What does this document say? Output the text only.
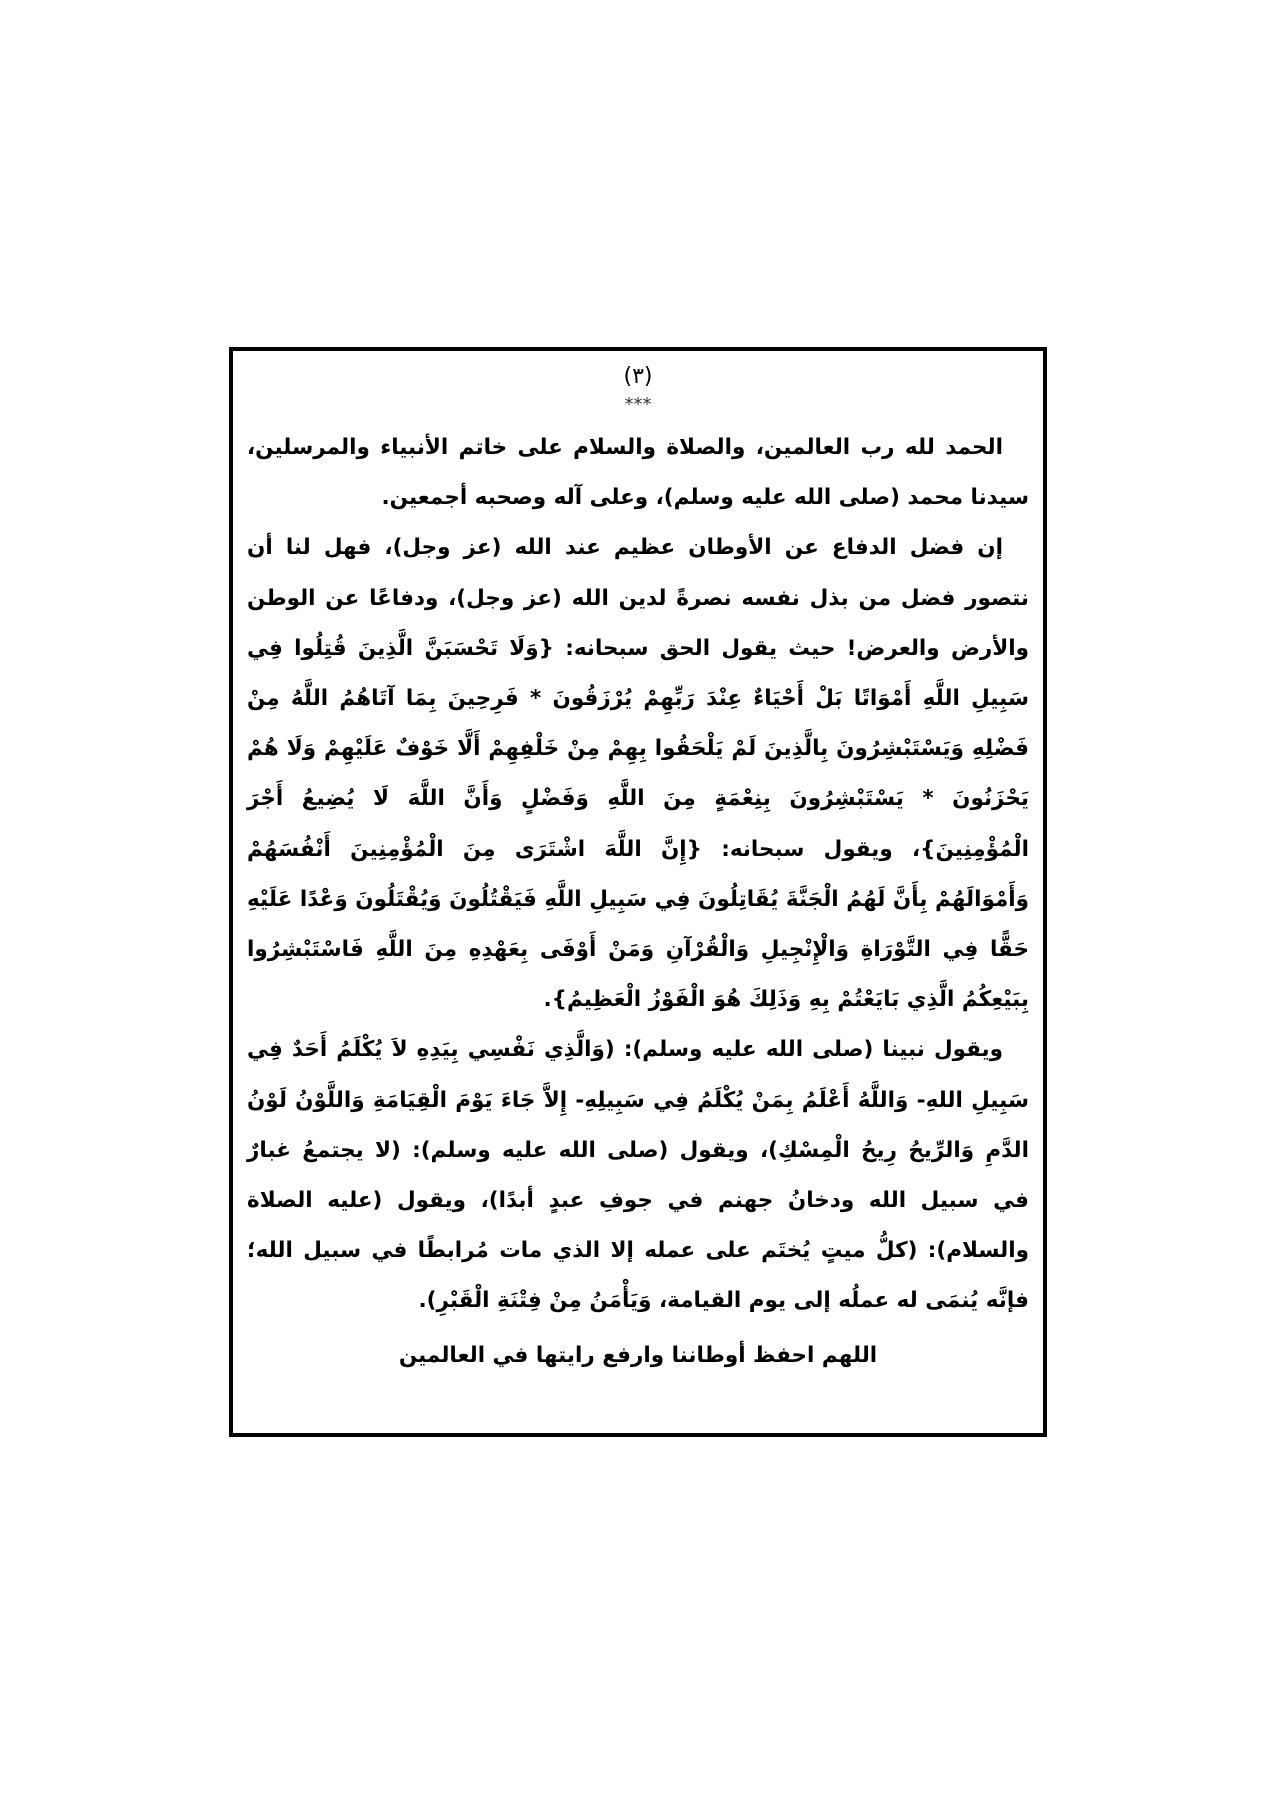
(٣)
***

الحمد لله رب العالمين، والصلاة والسلام على خاتم الأنبياء والمرسلين، سيدنا محمد (صلى الله عليه وسلم)، وعلى آله وصحبه أجمعين.

إن فضل الدفاع عن الأوطان عظيم عند الله (عز وجل)، فهل لنا أن نتصور فضل من بذل نفسه نصرةً لدين الله (عز وجل)، ودفاعًا عن الوطن والأرض والعرض! حيث يقول الحق سبحانه: {وَلَا تَحْسَبَنَّ الَّذِينَ قُتِلُوا فِي سَبِيلِ اللَّهِ أَمْوَاتًا بَلْ أَحْيَاءٌ عِنْدَ رَبِّهِمْ يُرْزَقُونَ * فَرِحِينَ بِمَا آتَاهُمُ اللَّهُ مِنْ فَضْلِهِ وَيَسْتَبْشِرُونَ بِالَّذِينَ لَمْ يَلْحَقُوا بِهِمْ مِنْ خَلْفِهِمْ أَلَّا خَوْفٌ عَلَيْهِمْ وَلَا هُمْ يَحْزَنُونَ * يَسْتَبْشِرُونَ بِنِعْمَةٍ مِنَ اللَّهِ وَفَضْلٍ وَأَنَّ اللَّهَ لَا يُضِيعُ أَجْرَ الْمُؤْمِنِينَ}، ويقول سبحانه: {إِنَّ اللَّهَ اشْتَرَى مِنَ الْمُؤْمِنِينَ أَنْفُسَهُمْ وَأَمْوَالَهُمْ بِأَنَّ لَهُمُ الْجَنَّةَ يُقَاتِلُونَ فِي سَبِيلِ اللَّهِ فَيَقْتُلُونَ وَيُقْتَلُونَ وَعْدًا عَلَيْهِ حَقًّا فِي التَّوْرَاةِ وَالْإِنْجِيلِ وَالْقُرْآنِ وَمَنْ أَوْفَى بِعَهْدِهِ مِنَ اللَّهِ فَاسْتَبْشِرُوا بِبَيْعِكُمُ الَّذِي بَايَعْتُمْ بِهِ وَذَلِكَ هُوَ الْفَوْزُ الْعَظِيمُ}.

ويقول نبينا (صلى الله عليه وسلم): (وَالَّذِي نَفْسِي بِيَدِهِ لاَ يُكْلَمُ أَحَدٌ فِي سَبِيلِ اللهِ- وَاللَّهُ أَعْلَمُ بِمَنْ يُكْلَمُ فِي سَبِيلِهِ- إِلاَّ جَاءَ يَوْمَ الْقِيَامَةِ وَاللَّوْنُ لَوْنُ الدَّمِ وَالرِّيحُ رِيحُ الْمِسْكِ)، ويقول (صلى الله عليه وسلم): (لا يجتمعُ غبارٌ في سبيل الله ودخانُ جهنم في جوفِ عبدٍ أبدًا)، ويقول (عليه الصلاة والسلام): (كلُّ ميتٍ يُختَم على عمله إلا الذي مات مُرابطًا في سبيل الله؛ فإنَّه يُنمَى له عملُه إلى يوم القيامة، وَيَأْمَنُ مِنْ فِتْنَةِ الْقَبْرِ).

اللهم احفظ أوطاننا وارفع رايتها في العالمين
